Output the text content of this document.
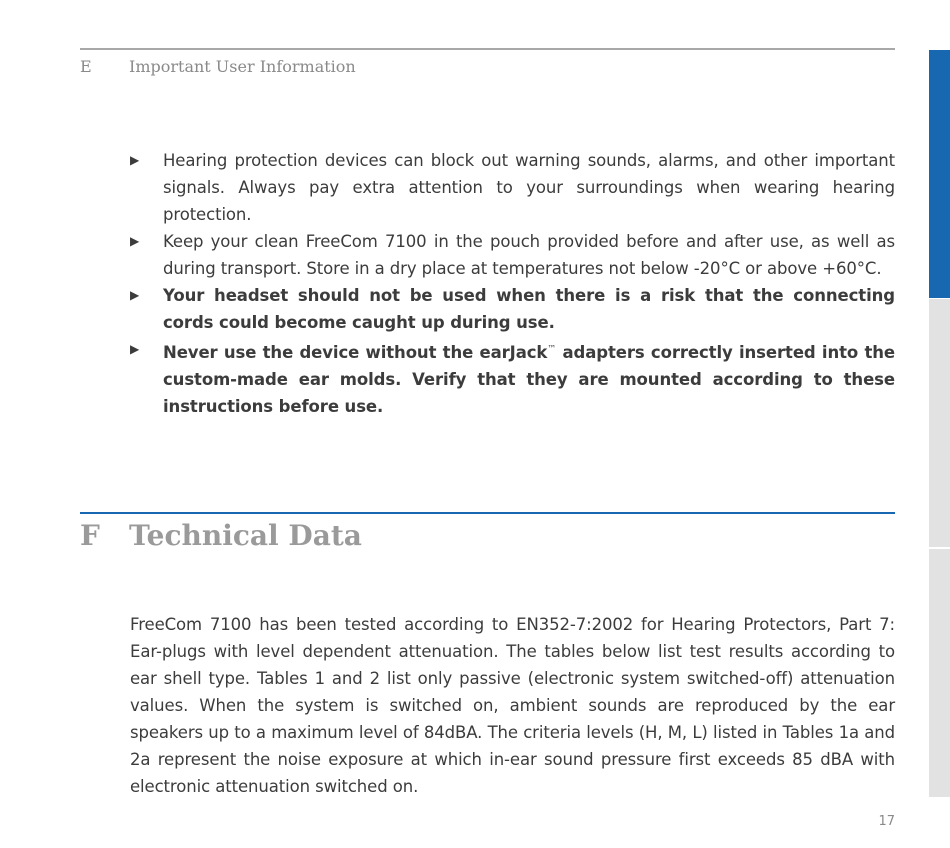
E Important User Information
▶ Hearing protection devices can block out warning sounds, alarms, and other important signals. Always pay extra attention to your surroundings when wearing hearing protection.
▶ Keep your clean FreeCom 7100 in the pouch provided before and after use, as well as during transport. Store in a dry place at temperatures not below -20°C or above +60°C.
▶ Your headset should not be used when there is a risk that the connecting cords could become caught up during use.
▶ Never use the device without the earJack™ adapters correctly inserted into the custom-made ear molds. Verify that they are mounted according to these instructions before use.
F Technical Data

FreeCom 7100 has been tested according to EN352-7:2002 for Hearing Protectors, Part 7: Ear-plugs with level dependent attenuation. The tables below list test results according to ear shell type. Tables 1 and 2 list only passive (electronic system switched-off) attenuation values. When the system is switched on, ambient sounds are reproduced by the ear speakers up to a maximum level of 84dBA. The criteria levels (H, M, L) listed in Tables 1a and 2a represent the noise exposure at which in-ear sound pressure first exceeds 85 dBA with electronic attenuation switched on.

17
